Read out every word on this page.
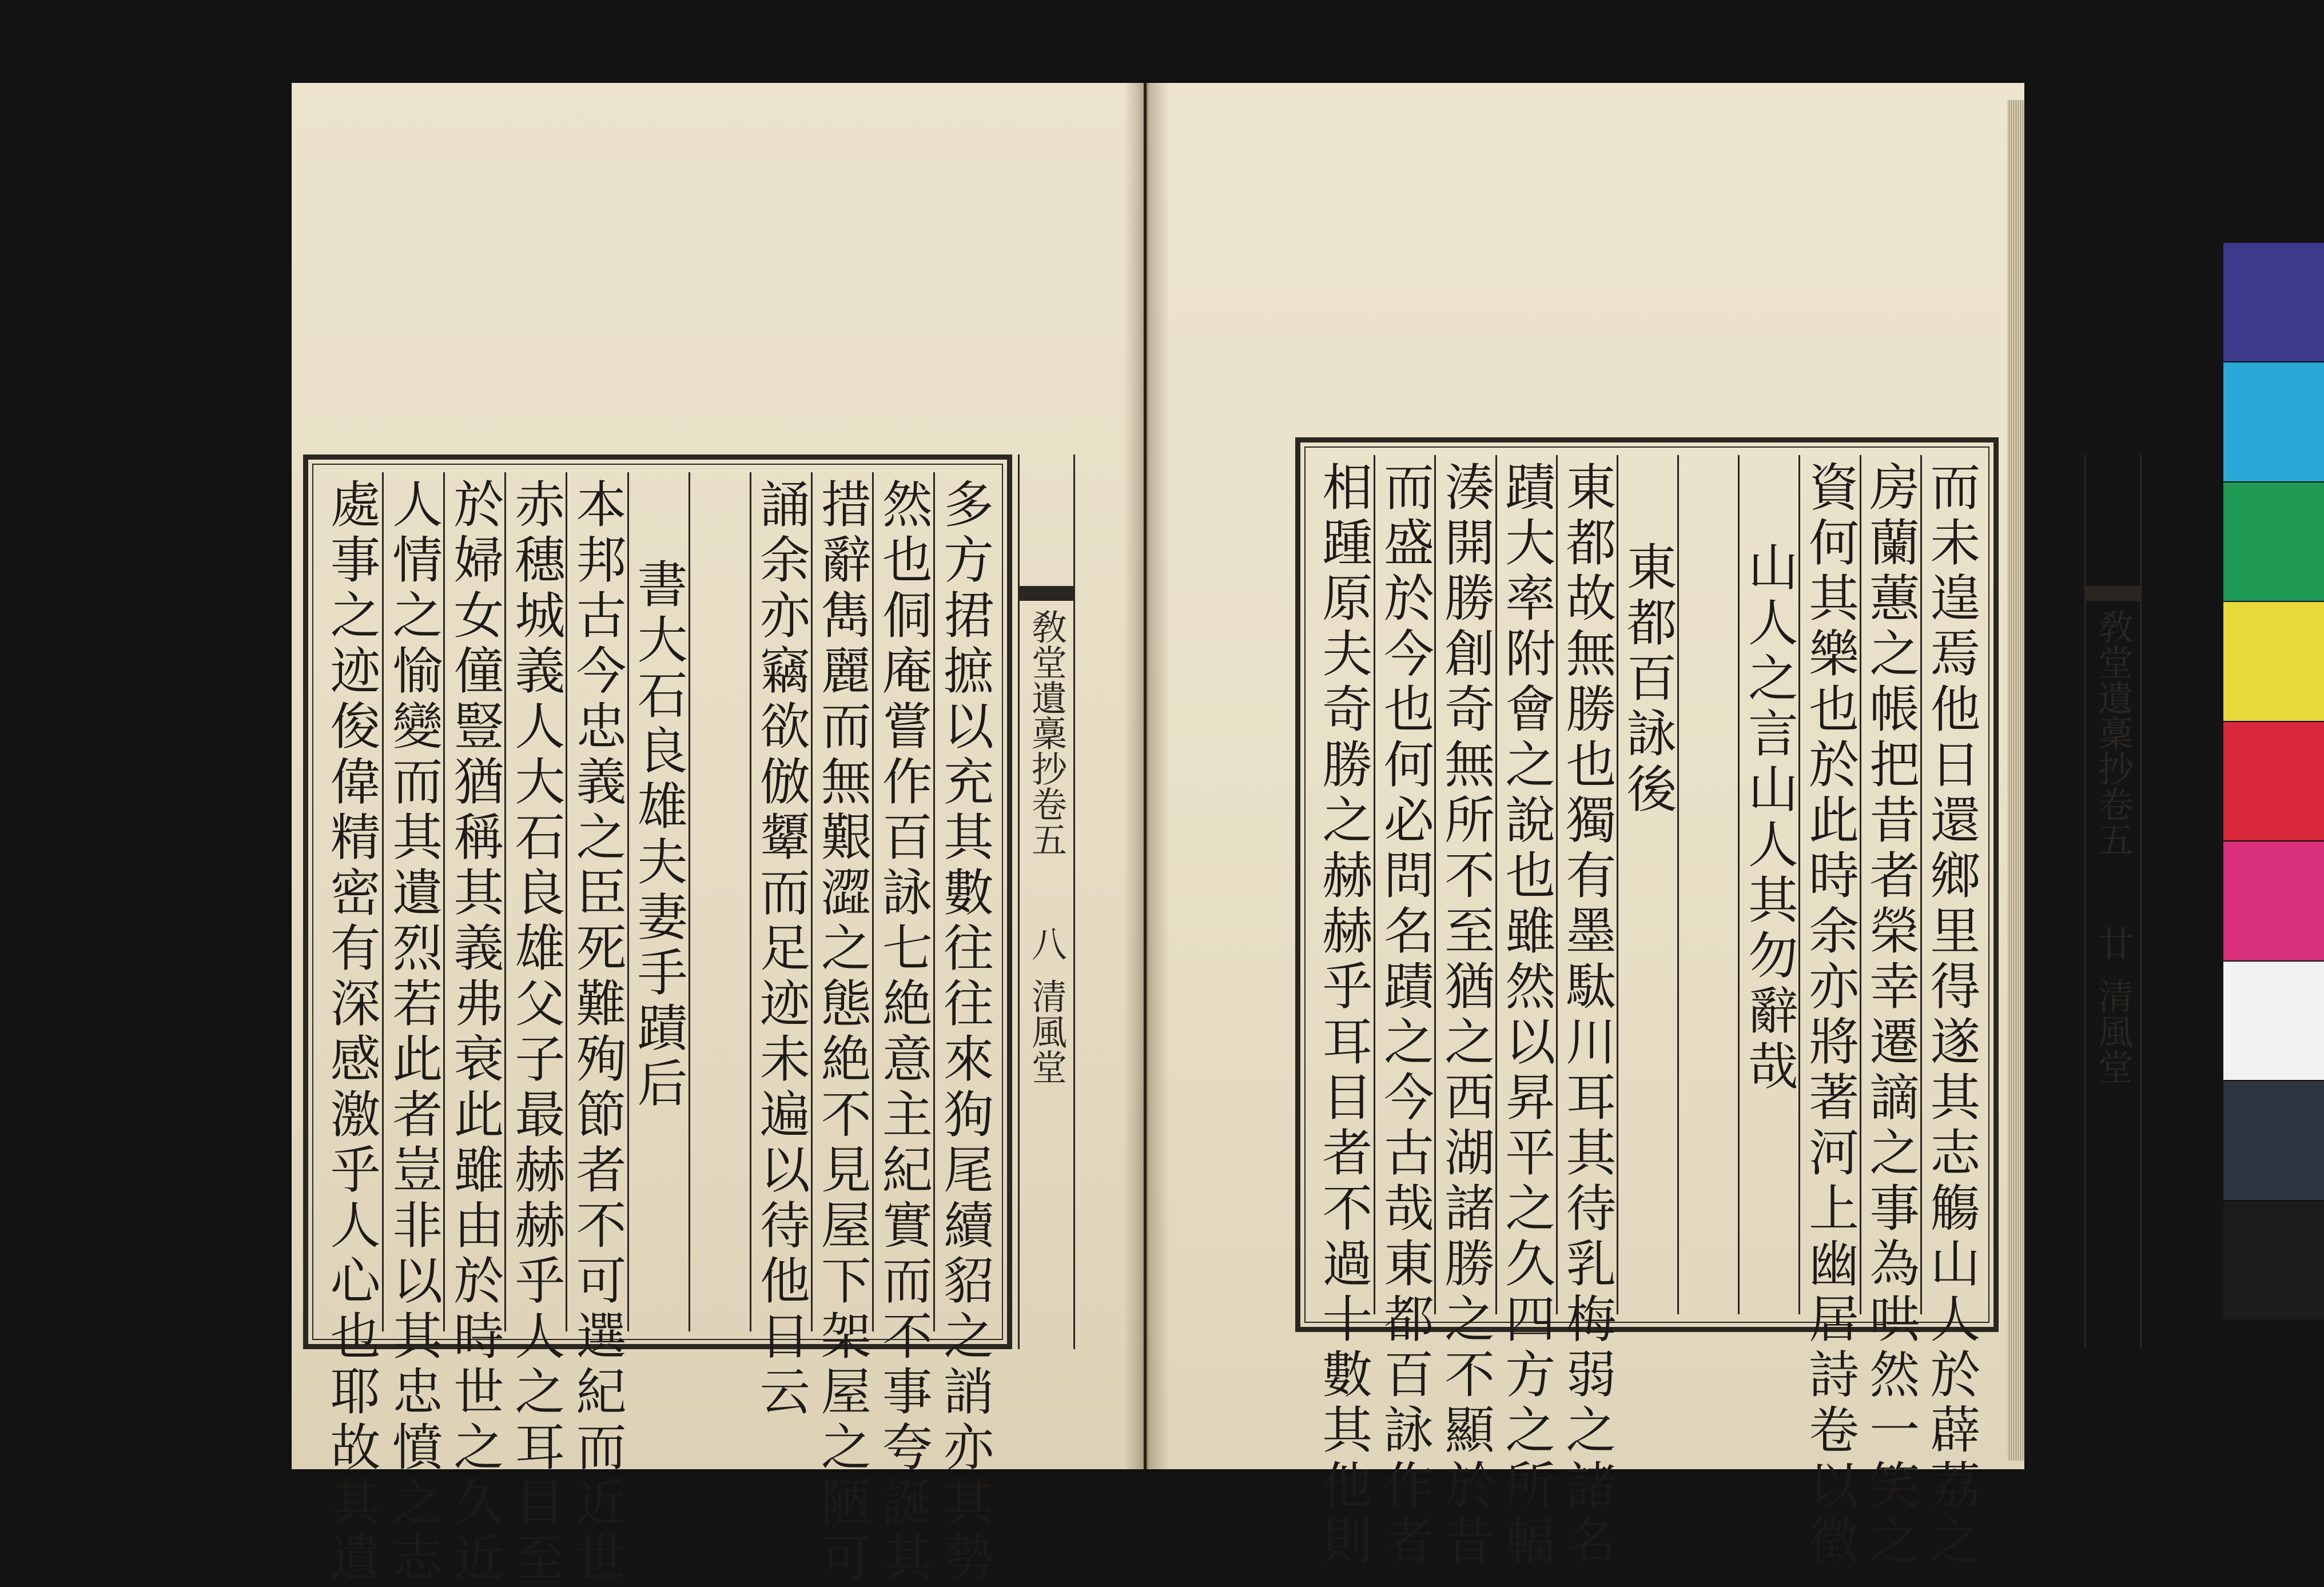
多方捃摭以充其數往往來狗尾續貂之誚亦其勢
然也侗庵嘗作百詠七絶意主紀實而不事夸誕其
措辭雋麗而無艱澀之態絶不見屋下架屋之陋可
誦余亦竊欲倣顰而足迹未遍以待他日云

書大石良雄夫妻手蹟后
本邦古今忠義之臣死難殉節者不可選紀而近世
赤穗城義人大石良雄父子最赫赫乎人之耳目至
於婦女僮豎猶稱其義弗衰此雖由於時世之久近
人情之愉變而其遺烈若此者豈非以其忠憤之志
處事之迹俊偉精密有深感激乎人心也耶故其遺	敎堂遺稾抄卷五
八
清風堂
敎堂遺稾抄卷五
廿
清風堂
而未遑焉他日還鄉里得遂其志觴山人於薜荔之
房蘭蕙之帳把昔者榮幸遷謫之事為哄然一笑之
資何其樂也於此時余亦將著河上幽居詩卷以徵
山人之言山人其勿辭哉

東都百詠後
東都故無勝也獨有墨駄川耳其待乳梅弱之諸名
蹟大率附會之說也雖然以昇平之久四方之所輻
湊開勝創奇無所不至猶之西湖諸勝之不顯於昔
而盛於今也何必問名蹟之今古哉東都百詠作者
相踵原夫奇勝之赫赫乎耳目者不過十數其他則
